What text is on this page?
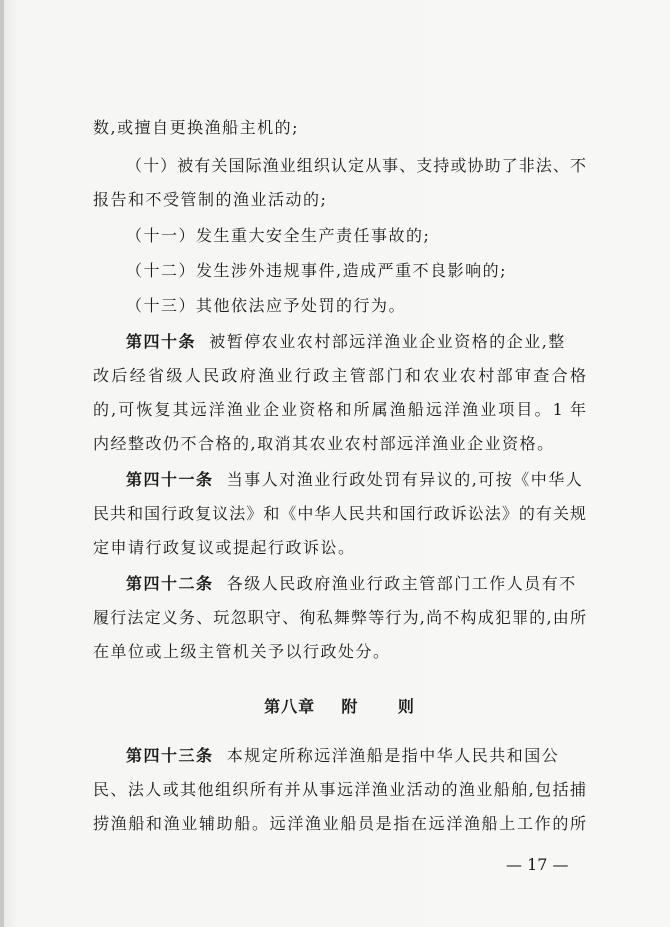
数,或擅自更换渔船主机的;
（十）被有关国际渔业组织认定从事、支持或协助了非法、不
报告和不受管制的渔业活动的;
（十一）发生重大安全生产责任事故的;
（十二）发生涉外违规事件,造成严重不良影响的;
（十三）其他依法应予处罚的行为。
第四十条 被暂停农业农村部远洋渔业企业资格的企业,整
改后经省级人民政府渔业行政主管部门和农业农村部审查合格
的,可恢复其远洋渔业企业资格和所属渔船远洋渔业项目。1 年
内经整改仍不合格的,取消其农业农村部远洋渔业企业资格。
第四十一条 当事人对渔业行政处罚有异议的,可按《中华人
民共和国行政复议法》和《中华人民共和国行政诉讼法》的有关规
定申请行政复议或提起行政诉讼。
第四十二条 各级人民政府渔业行政主管部门工作人员有不
履行法定义务、玩忽职守、徇私舞弊等行为,尚不构成犯罪的,由所
在单位或上级主管机关予以行政处分。
第八章    附      则
第四十三条 本规定所称远洋渔船是指中华人民共和国公
民、法人或其他组织所有并从事远洋渔业活动的渔业船舶,包括捕
捞渔船和渔业辅助船。远洋渔业船员是指在远洋渔船上工作的所
— 17 —
